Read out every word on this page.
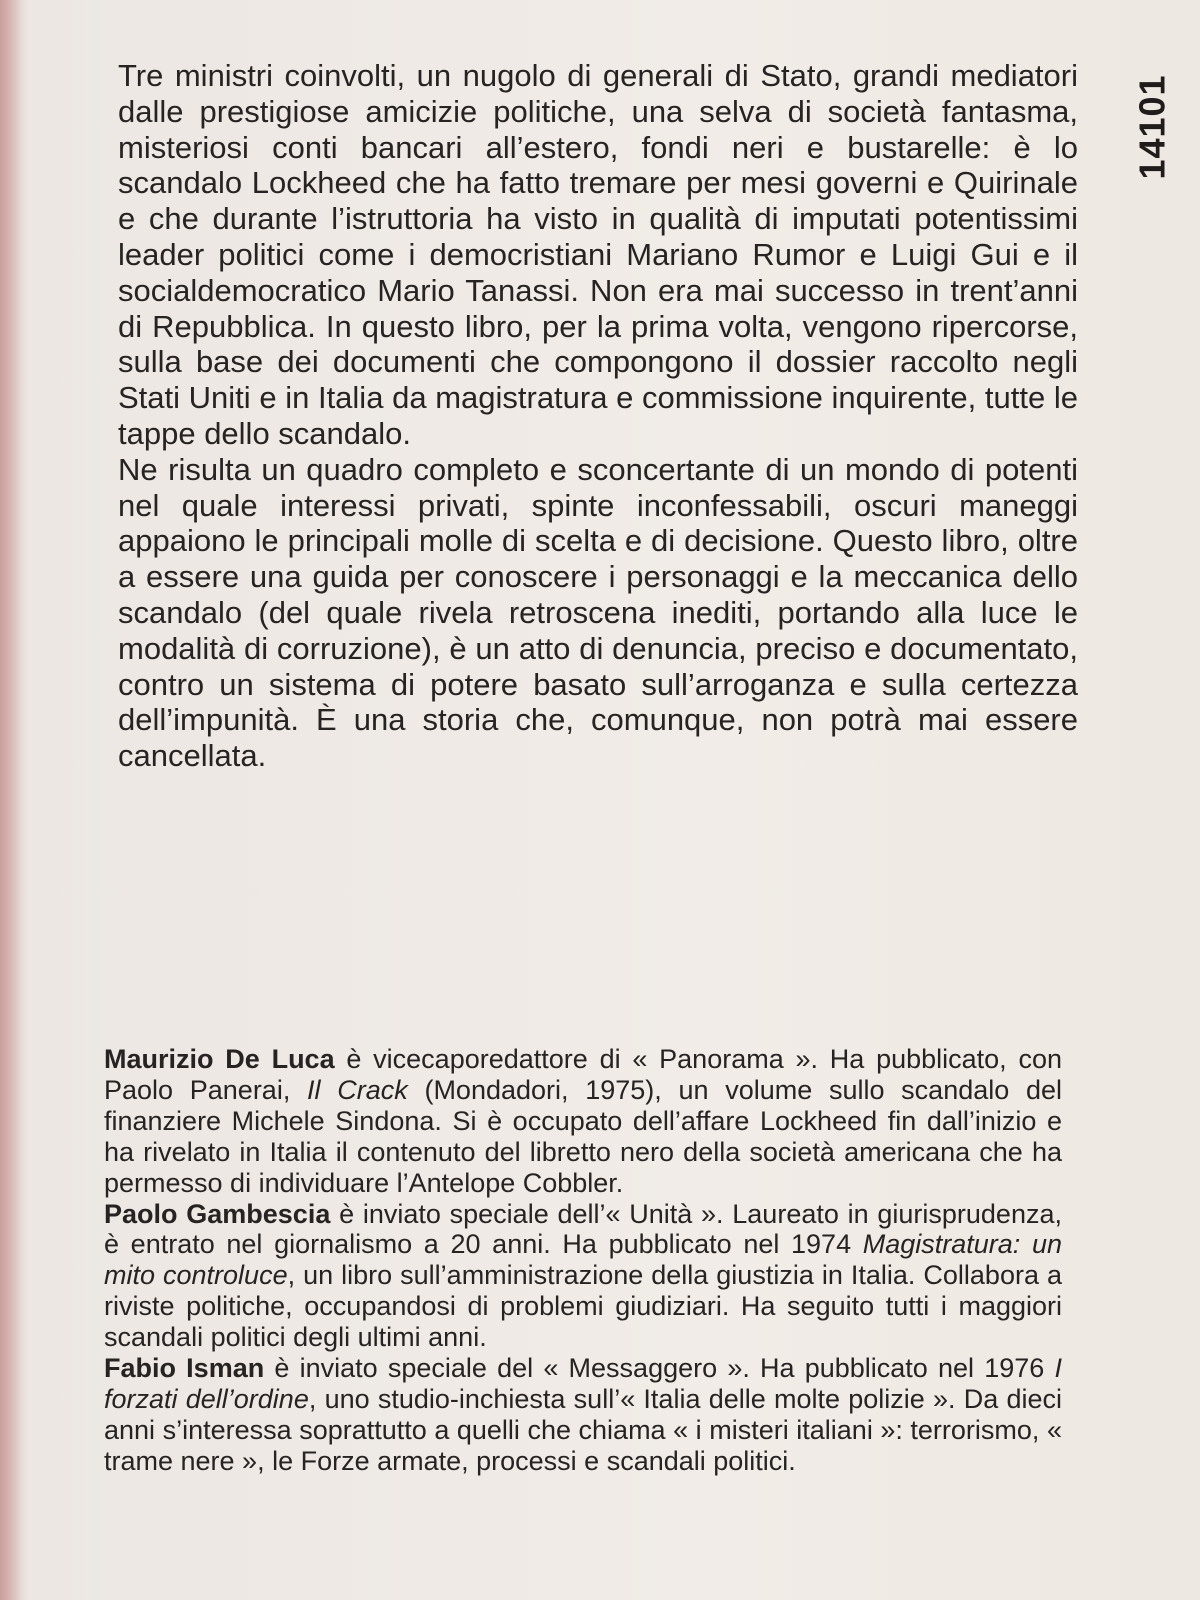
14101

Tre ministri coinvolti, un nugolo di generali di Stato, grandi mediatori dalle prestigiose amicizie politiche, una selva di società fantasma, misteriosi conti bancari all’estero, fondi neri e bustarelle: è lo scandalo Lockheed che ha fatto tremare per mesi governi e Quirinale e che durante l’istruttoria ha visto in qualità di imputati potentissimi leader politici come i democristiani Mariano Rumor e Luigi Gui e il socialdemocratico Mario Tanassi. Non era mai successo in trent’anni di Repubblica. In questo libro, per la prima volta, vengono ripercorse, sulla base dei documenti che compongono il dossier raccolto negli Stati Uniti e in Italia da magistratura e commissione inquirente, tutte le tappe dello scandalo.

Ne risulta un quadro completo e sconcertante di un mondo di potenti nel quale interessi privati, spinte inconfessabili, oscuri maneggi appaiono le principali molle di scelta e di decisione. Questo libro, oltre a essere una guida per conoscere i personaggi e la meccanica dello scandalo (del quale rivela retroscena inediti, portando alla luce le modalità di corruzione), è un atto di denuncia, preciso e documentato, contro un sistema di potere basato sull’arroganza e sulla certezza dell’impunità. È una storia che, comunque, non potrà mai essere cancellata.

Maurizio De Luca è vicecaporedattore di « Panorama ». Ha pubblicato, con Paolo Panerai, Il Crack (Mondadori, 1975), un volume sullo scandalo del finanziere Michele Sindona. Si è occupato dell’affare Lockheed fin dall’inizio e ha rivelato in Italia il contenuto del libretto nero della società americana che ha permesso di individuare l’Antelope Cobbler.

Paolo Gambescia è inviato speciale dell’« Unità ». Laureato in giurisprudenza, è entrato nel giornalismo a 20 anni. Ha pubblicato nel 1974 Magistratura: un mito controluce, un libro sull’amministrazione della giustizia in Italia. Collabora a riviste politiche, occupandosi di problemi giudiziari. Ha seguito tutti i maggiori scandali politici degli ultimi anni.

Fabio Isman è inviato speciale del « Messaggero ». Ha pubblicato nel 1976 I forzati dell’ordine, uno studio-inchiesta sull’« Italia delle molte polizie ». Da dieci anni s’interessa soprattutto a quelli che chiama « i misteri italiani »: terrorismo, « trame nere », le Forze armate, processi e scandali politici.
